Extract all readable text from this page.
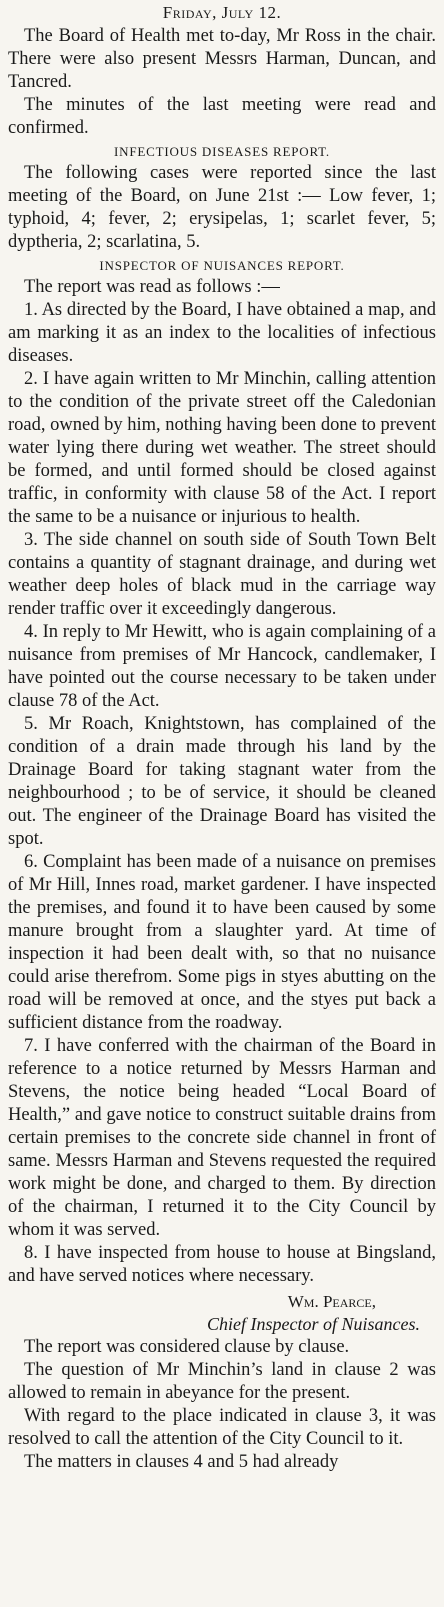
Friday, July 12.

The Board of Health met to-day, Mr Ross in the chair. There were also present Messrs Harman, Duncan, and Tancred.

The minutes of the last meeting were read and confirmed.

INFECTIOUS DISEASES REPORT.

The following cases were reported since the last meeting of the Board, on June 21st :— Low fever, 1; typhoid, 4; fever, 2; erysipelas, 1; scarlet fever, 5; dyptheria, 2; scarlatina, 5.

INSPECTOR OF NUISANCES REPORT.

The report was read as follows :—

1. As directed by the Board, I have obtained a map, and am marking it as an index to the localities of infectious diseases.

2. I have again written to Mr Minchin, calling attention to the condition of the private street off the Caledonian road, owned by him, nothing having been done to prevent water lying there during wet weather. The street should be formed, and until formed should be closed against traffic, in conformity with clause 58 of the Act. I report the same to be a nuisance or injurious to health.

3. The side channel on south side of South Town Belt contains a quantity of stagnant drainage, and during wet weather deep holes of black mud in the carriage way render traffic over it exceedingly dangerous.

4. In reply to Mr Hewitt, who is again complaining of a nuisance from premises of Mr Hancock, candlemaker, I have pointed out the course necessary to be taken under clause 78 of the Act.

5. Mr Roach, Knightstown, has complained of the condition of a drain made through his land by the Drainage Board for taking stagnant water from the neighbourhood ; to be of service, it should be cleaned out. The engineer of the Drainage Board has visited the spot.

6. Complaint has been made of a nuisance on premises of Mr Hill, Innes road, market gardener. I have inspected the premises, and found it to have been caused by some manure brought from a slaughter yard. At time of inspection it had been dealt with, so that no nuisance could arise therefrom. Some pigs in styes abutting on the road will be removed at once, and the styes put back a sufficient distance from the roadway.

7. I have conferred with the chairman of the Board in reference to a notice returned by Messrs Harman and Stevens, the notice being headed “Local Board of Health,” and gave notice to construct suitable drains from certain premises to the concrete side channel in front of same. Messrs Harman and Stevens requested the required work might be done, and charged to them. By direction of the chairman, I returned it to the City Council by whom it was served.

8. I have inspected from house to house at Bingsland, and have served notices where necessary.

Wm. Pearce,
Chief Inspector of Nuisances.

The report was considered clause by clause.

The question of Mr Minchin’s land in clause 2 was allowed to remain in abeyance for the present.

With regard to the place indicated in clause 3, it was resolved to call the attention of the City Council to it.

The matters in clauses 4 and 5 had already
